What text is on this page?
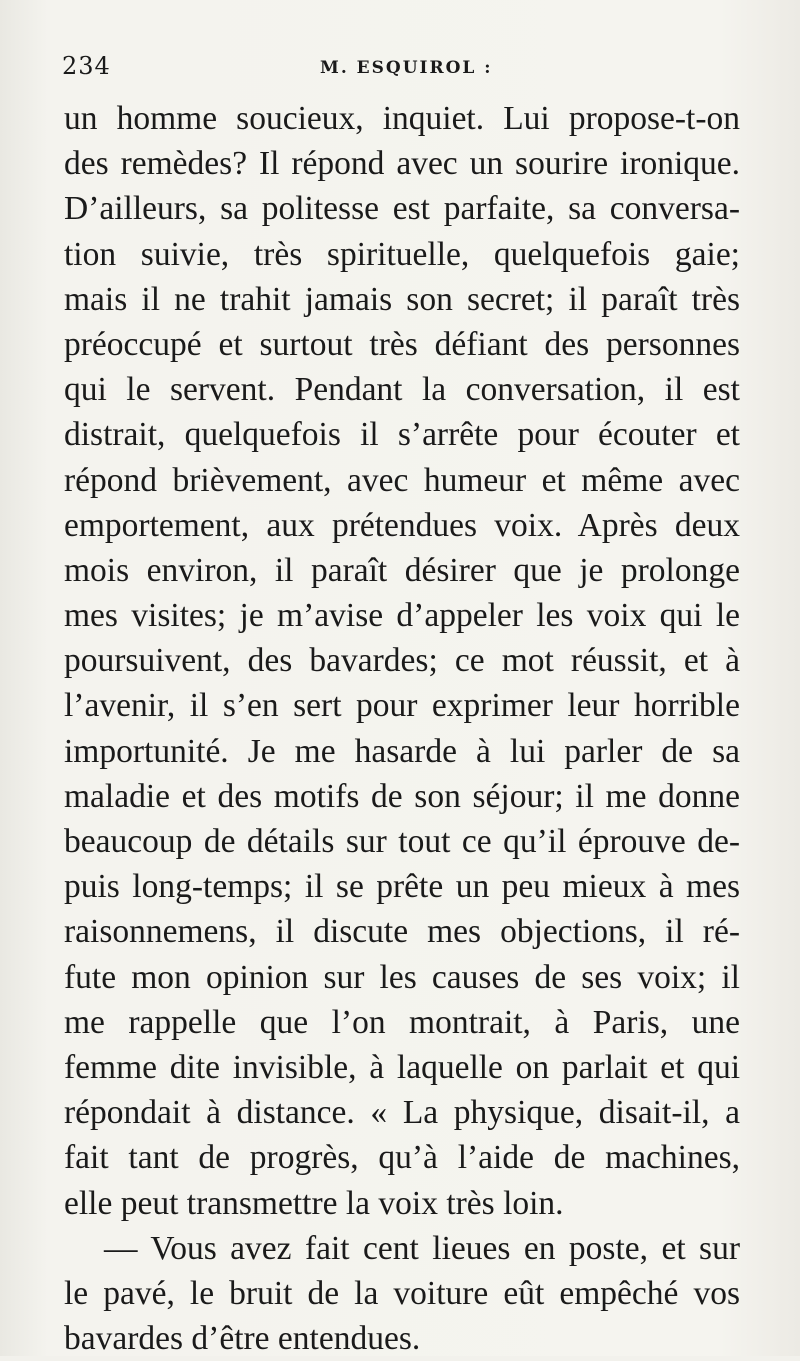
234	M. ESQUIROL :
un homme soucieux, inquiet. Lui propose-t-on
des remèdes? Il répond avec un sourire ironique.
D’ailleurs, sa politesse est parfaite, sa conversa-
tion suivie, très spirituelle, quelquefois gaie;
mais il ne trahit jamais son secret; il paraît très
préoccupé et surtout très défiant des personnes
qui le servent. Pendant la conversation, il est
distrait, quelquefois il s’arrête pour écouter et
répond brièvement, avec humeur et même avec
emportement, aux prétendues voix. Après deux
mois environ, il paraît désirer que je prolonge
mes visites; je m’avise d’appeler les voix qui le
poursuivent, des bavardes; ce mot réussit, et à
l’avenir, il s’en sert pour exprimer leur horrible
importunité. Je me hasarde à lui parler de sa
maladie et des motifs de son séjour; il me donne
beaucoup de détails sur tout ce qu’il éprouve de-
puis long-temps; il se prête un peu mieux à mes
raisonnemens, il discute mes objections, il ré-
fute mon opinion sur les causes de ses voix; il
me rappelle que l’on montrait, à Paris, une
femme dite invisible, à laquelle on parlait et qui
répondait à distance. « La physique, disait-il, a
fait tant de progrès, qu’à l’aide de machines,
elle peut transmettre la voix très loin.
— Vous avez fait cent lieues en poste, et sur
le pavé, le bruit de la voiture eût empêché vos
bavardes d’être entendues.
